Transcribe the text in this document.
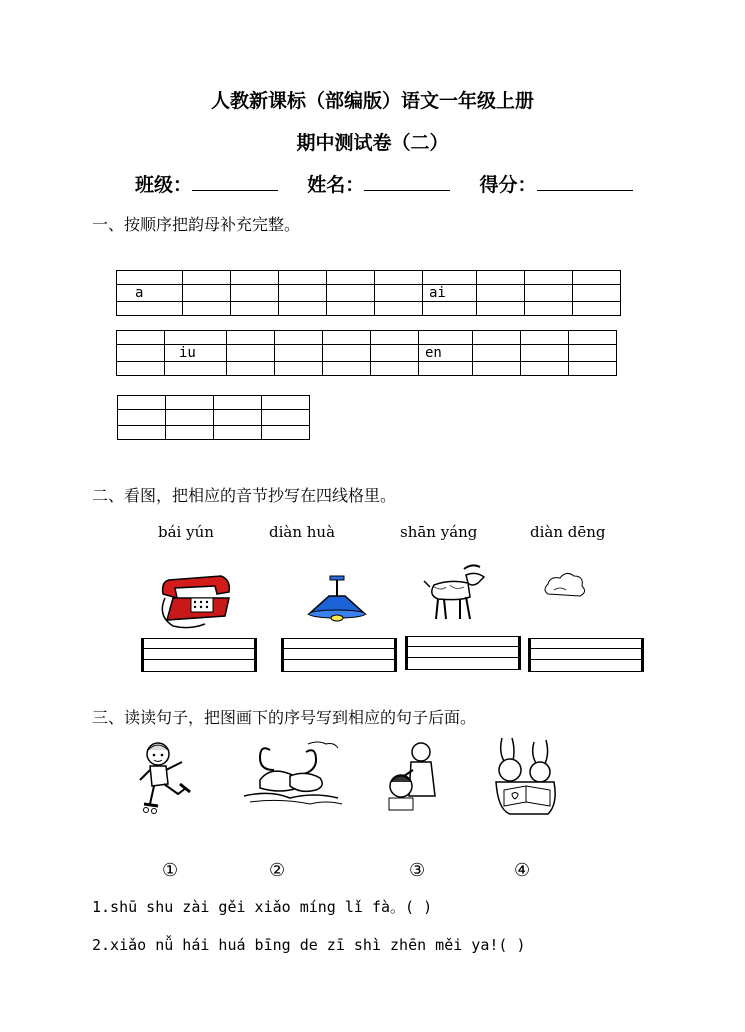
人教新课标（部编版）语文一年级上册
期中测试卷（二）
班级：	姓名：	得分：
一、按顺序把韵母补充完整。

a						ai			

	iu					en			

二、看图，把相应的音节抄写在四线格里。
bái yún	diàn huà	shān yáng	diàn dēng
三、读读句子，把图画下的序号写到相应的句子后面。
①	②	③	④
1.shū shu zài gěi xiǎo míng lǐ fà。( )
2.xiǎo nǚ hái huá bīng de zī shì zhēn měi ya!( )
